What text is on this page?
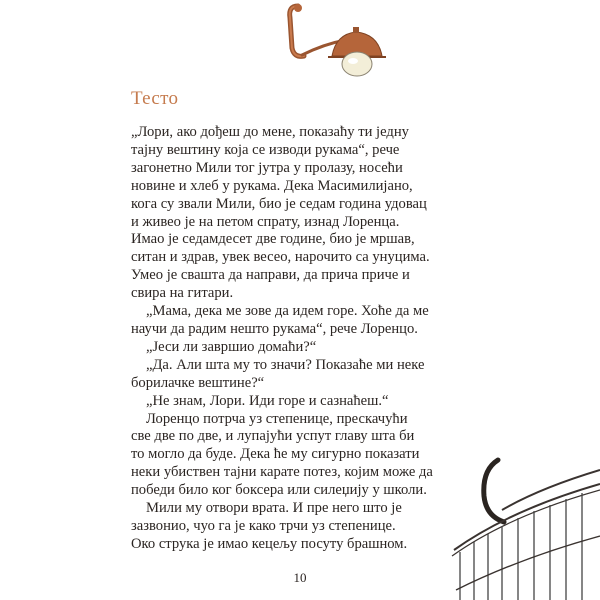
Тесто
„Лори, ако дођеш до мене, показаћу ти једну
тајну вештину која се изводи рукама“, рече
загонетно Мили тог јутра у пролазу, носећи
новине и хлеб у рукама. Дека Масимилијано,
кога су звали Мили, био је седам година удовац
и живео је на петом спрату, изнад Лоренца.
Имао је седамдесет две године, био је мршав,
ситан и здрав, увек весео, нарочито са унуцима.
Умео је свашта да направи, да прича приче и
свира на гитари.
„Мама, дека ме зове да идем горе. Хоће да ме
научи да радим нешто рукама“, рече Лоренцо.
„Јеси ли завршио домаћи?“
„Да. Али шта му то значи? Показаће ми неке
борилачке вештине?“
„Не знам, Лори. Иди горе и сазнаћеш.“
Лоренцо потрча уз степенице, прескачући
све две по две, и лупајући успут главу шта би
то могло да буде. Дека ће му сигурно показати
неки убиствен тајни карате потез, којим може да
победи било ког боксера или силеџију у школи.
Мили му отвори врата. И пре него што је
зазвонио, чуо га је како трчи уз степенице.
Око струка је имао кецељу посуту брашном.
10
